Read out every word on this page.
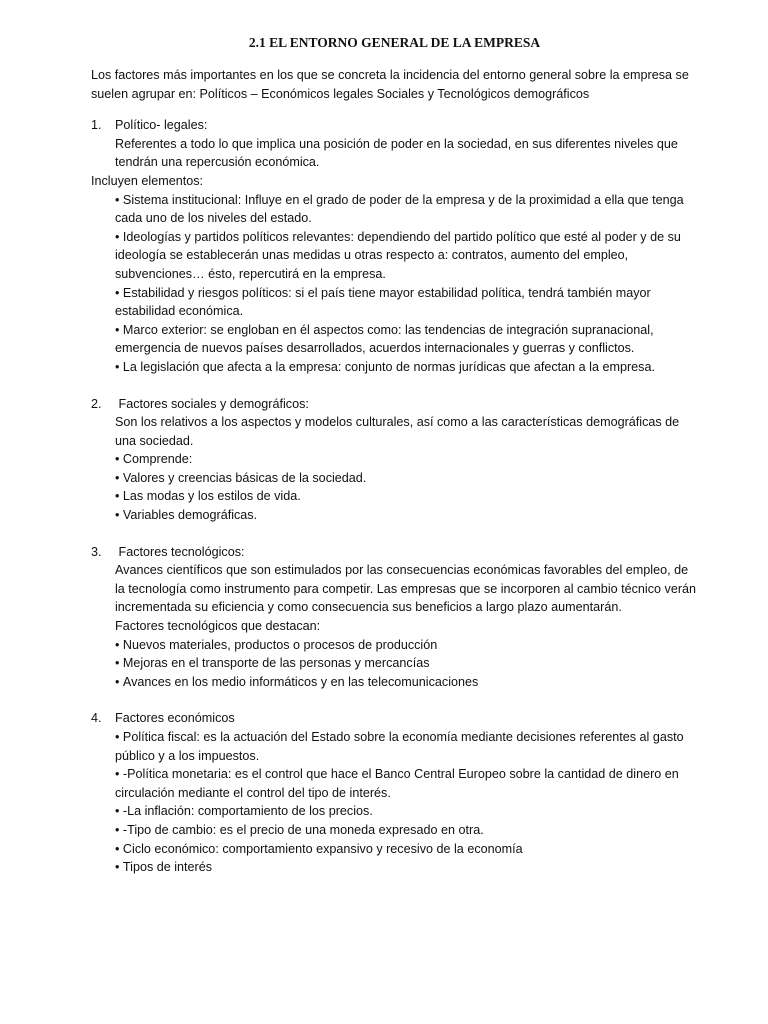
2.1 EL ENTORNO GENERAL DE LA EMPRESA

Los factores más importantes en los que se concreta la incidencia del entorno general sobre la empresa se suelen agrupar en: Políticos – Económicos legales Sociales y Tecnológicos demográficos

1.	Político- legales:

Referentes a todo lo que implica una posición de poder en la sociedad, en sus diferentes niveles que tendrán una repercusión económica.

Incluyen elementos:

• Sistema institucional: Influye en el grado de poder de la empresa y de la proximidad a ella que tenga cada uno de los niveles del estado.
• Ideologías y partidos políticos relevantes: dependiendo del partido político que esté al poder y de su ideología se establecerán unas medidas u otras respecto a: contratos, aumento del empleo, subvenciones… ésto, repercutirá en la empresa.
• Estabilidad y riesgos políticos: si el país tiene mayor estabilidad política, tendrá también mayor estabilidad económica.
• Marco exterior: se engloban en él aspectos como: las tendencias de integración supranacional, emergencia de nuevos países desarrollados, acuerdos internacionales y guerras y conflictos.
• La legislación que afecta a la empresa: conjunto de normas jurídicas que afectan a la empresa.
2.	Factores sociales y demográficos:

Son los relativos a los aspectos y modelos culturales, así como a las características demográficas de una sociedad.

• Comprende:
• Valores y creencias básicas de la sociedad.
• Las modas y los estilos de vida.
• Variables demográficas.
3.	Factores tecnológicos:

Avances científicos que son estimulados por las consecuencias económicas favorables del empleo, de la tecnología como instrumento para competir. Las empresas que se incorporen al cambio técnico verán incrementada su eficiencia y como consecuencia sus beneficios a largo plazo aumentarán.

Factores tecnológicos que destacan:

• Nuevos materiales, productos o procesos de producción
• Mejoras en el transporte de las personas y mercancías
• Avances en los medio informáticos y en las telecomunicaciones
4.	Factores económicos
• Política fiscal: es la actuación del Estado sobre la economía mediante decisiones referentes al gasto público y a los impuestos.
• -Política monetaria: es el control que hace el Banco Central Europeo sobre la cantidad de dinero en circulación mediante el control del tipo de interés.
• -La inflación: comportamiento de los precios.
• -Tipo de cambio: es el precio de una moneda expresado en otra.
• Ciclo económico: comportamiento expansivo y recesivo de la economía
• Tipos de interés
